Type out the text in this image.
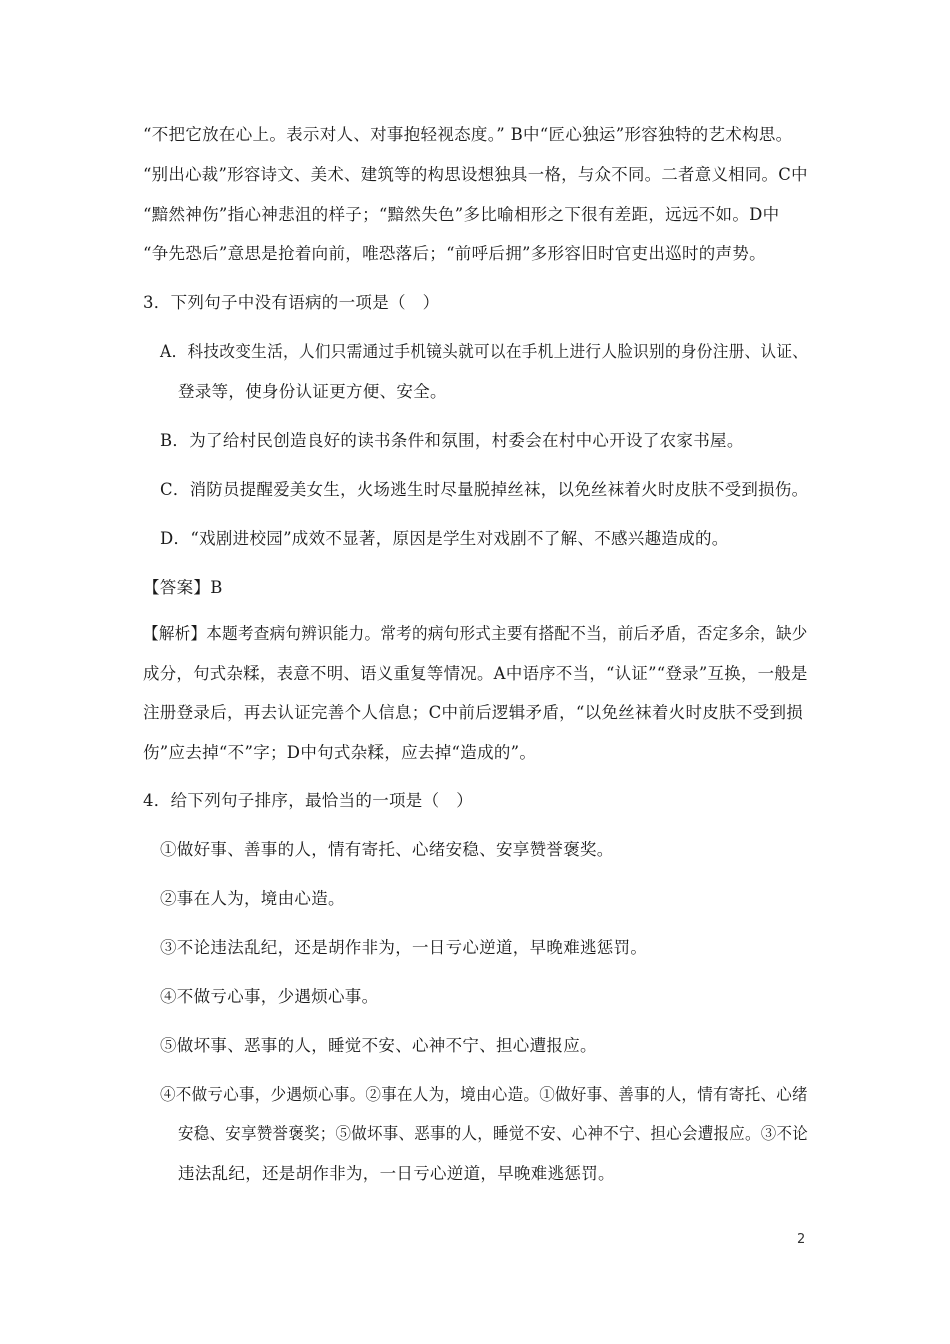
“不把它放在心上。表示对人、对事抱轻视态度。” B中“匠心独运”形容独特的艺术构思。
“别出心裁”形容诗文、美术、建筑等的构思设想独具一格，与众不同。二者意义相同。C中
“黯然神伤”指心神悲沮的样子；“黯然失色”多比喻相形之下很有差距，远远不如。D中
“争先恐后”意思是抢着向前，唯恐落后；“前呼后拥”多形容旧时官吏出巡时的声势。
3．下列句子中没有语病的一项是（　）
A．科技改变生活，人们只需通过手机镜头就可以在手机上进行人脸识别的身份注册、认证、
登录等，使身份认证更方便、安全。
B．为了给村民创造良好的读书条件和氛围，村委会在村中心开设了农家书屋。
C．消防员提醒爱美女生，火场逃生时尽量脱掉丝袜，以免丝袜着火时皮肤不受到损伤。
D．“戏剧进校园”成效不显著，原因是学生对戏剧不了解、不感兴趣造成的。
【答案】B
【解析】本题考查病句辨识能力。常考的病句形式主要有搭配不当，前后矛盾，否定多余，缺少
成分，句式杂糅，表意不明、语义重复等情况。A中语序不当，“认证”“登录”互换，一般是
注册登录后，再去认证完善个人信息；C中前后逻辑矛盾，“以免丝袜着火时皮肤不受到损
伤”应去掉“不”字；D中句式杂糅，应去掉“造成的”。
4．给下列句子排序，最恰当的一项是（　）
①做好事、善事的人，情有寄托、心绪安稳、安享赞誉褒奖。
②事在人为，境由心造。
③不论违法乱纪，还是胡作非为，一日亏心逆道，早晚难逃惩罚。
④不做亏心事，少遇烦心事。
⑤做坏事、恶事的人，睡觉不安、心神不宁、担心遭报应。
④不做亏心事，少遇烦心事。②事在人为，境由心造。①做好事、善事的人，情有寄托、心绪
安稳、安享赞誉褒奖；⑤做坏事、恶事的人，睡觉不安、心神不宁、担心会遭报应。③不论
违法乱纪，还是胡作非为，一日亏心逆道，早晚难逃惩罚。
2
